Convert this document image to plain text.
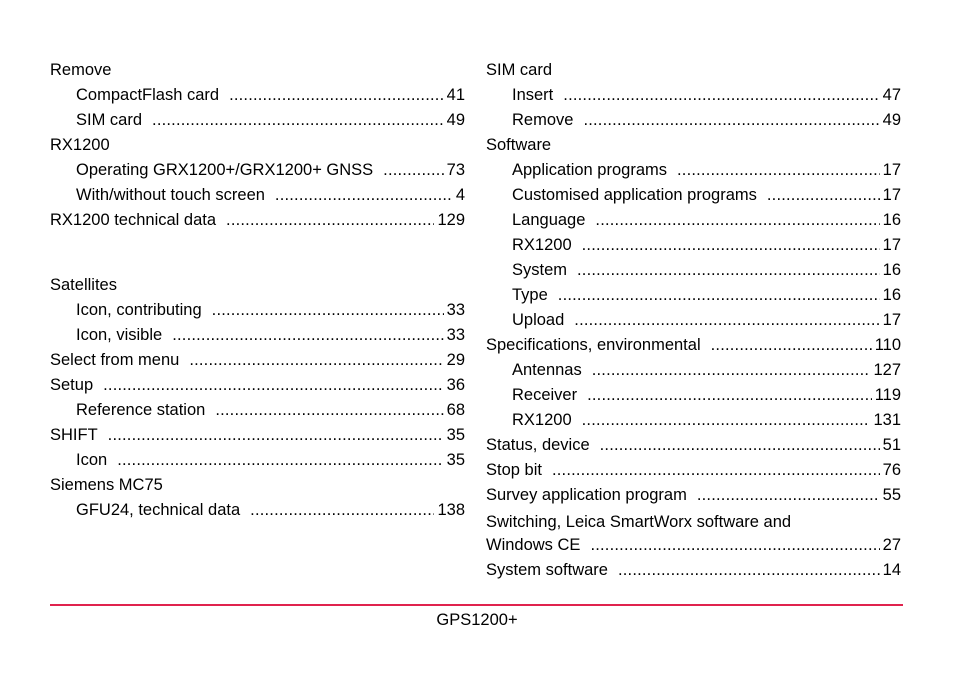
Remove
CompactFlash card .....	41
SIM card .....	49
RX1200
Operating GRX1200+/GRX1200+ GNSS .....	73
With/without touch screen .....	4
RX1200 technical data .....	129
Satellites
Icon, contributing .....	33
Icon, visible .....	33
Select from menu .....	29
Setup .....	36
Reference station .....	68
SHIFT .....	35
Icon .....	35
Siemens MC75
GFU24, technical data .....	138
SIM card
Insert .....	47
Remove .....	49
Software
Application programs .....	17
Customised application programs .....	17
Language .....	16
RX1200 .....	17
System .....	16
Type .....	16
Upload .....	17
Specifications, environmental .....	110
Antennas .....	127
Receiver .....	119
RX1200 .....	131
Status, device .....	51
Stop bit .....	76
Survey application program .....	55
Switching, Leica SmartWorx software and
Windows CE .....	27
System software .....	14
GPS1200+
